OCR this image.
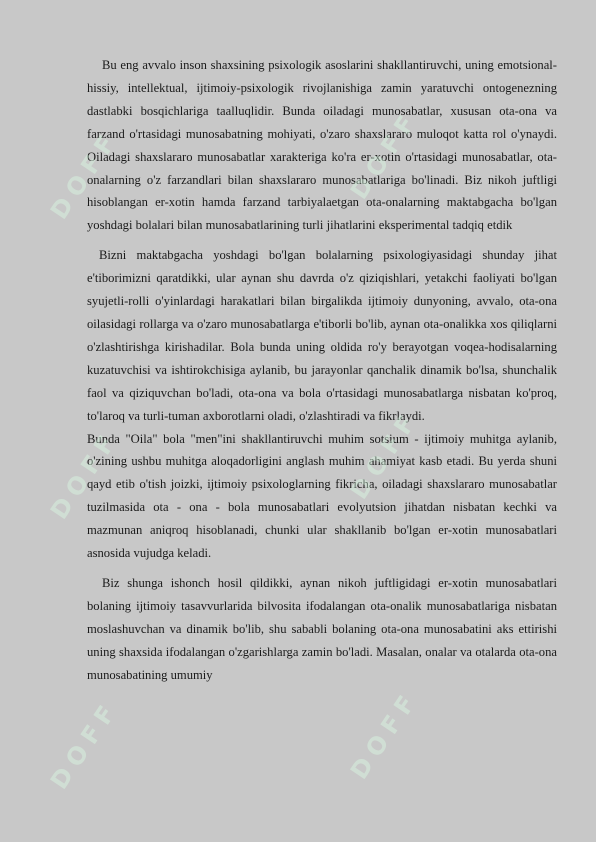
Bu eng avvalo inson shaxsining psixologik asoslarini shakllantiruvchi, uning emotsional-hissiy, intellektual, ijtimoiy-psixologik rivojlanishiga zamin yaratuvchi ontogenezning dastlabki bosqichlariga taalluqlidir. Bunda oiladagi munosabatlar, xususan ota-ona va farzand o'rtasidagi munosabatning mohiyati, o'zaro shaxslararo muloqot katta rol o'ynaydi. Oiladagi shaxslararo munosabatlar xarakteriga ko'ra er-xotin o'rtasidagi munosabatlar, ota-onalarning o'z farzandlari bilan shaxslararo munosabatlariga bo'linadi. Biz nikoh juftligi hisoblangan er-xotin hamda farzand tarbiyalaetgan ota-onalarning maktabgacha bo'lgan yoshdagi bolalari bilan munosabatlarining turli jihatlarini eksperimental tadqiq etdik

Bizni maktabgacha yoshdagi bo'lgan bolalarning psixologiyasidagi shunday jihat e'tiborimizni qaratdikki, ular aynan shu davrda o'z qiziqishlari, yetakchi faoliyati bo'lgan syujetli-rolli o'yinlardagi harakatlari bilan birgalikda ijtimoiy dunyoning, avvalo, ota-ona oilasidagi rollarga va o'zaro munosabatlarga e'tiborli bo'lib, aynan ota-onalikka xos qiliqlarni o'zlashtirishga kirishadilar. Bola bunda uning oldida ro'y berayotgan voqea-hodisalarning kuzatuvchisi va ishtirokchisiga aylanib, bu jarayonlar qanchalik dinamik bo'lsa, shunchalik faol va qiziquvchan bo'ladi, ota-ona va bola o'rtasidagi munosabatlarga nisbatan ko'proq, to'laroq va turli-tuman axborotlarni oladi, o'zlashtiradi va fikrlaydi.

Bunda "Oila" bola "men"ini shakllantiruvchi muhim sotsium - ijtimoiy muhitga aylanib, o'zining ushbu muhitga aloqadorligini anglash muhim ahamiyat kasb etadi. Bu yerda shuni qayd etib o'tish joizki, ijtimoiy psixologlarning fikricha, oiladagi shaxslararo munosabatlar tuzilmasida ota - ona - bola munosabatlari evolyutsion jihatdan nisbatan kechki va mazmunan aniqroq hisoblanadi, chunki ular shakllanib bo'lgan er-xotin munosabatlari asnosida vujudga keladi.

Biz shunga ishonch hosil qildikki, aynan nikoh juftligidagi er-xotin munosabatlari bolaning ijtimoiy tasavvurlarida bilvosita ifodalangan ota-onalik munosabatlariga nisbatan moslashuvchan va dinamik bo'lib, shu sababli bolaning ota-ona munosabatini aks ettirishi uning shaxsida ifodalangan o'zgarishlarga zamin bo'ladi. Masalan, onalar va otalarda ota-ona munosabatining umumiy

DOFF	DOFF
DOFF	DOFF
DOFF	DOFF
